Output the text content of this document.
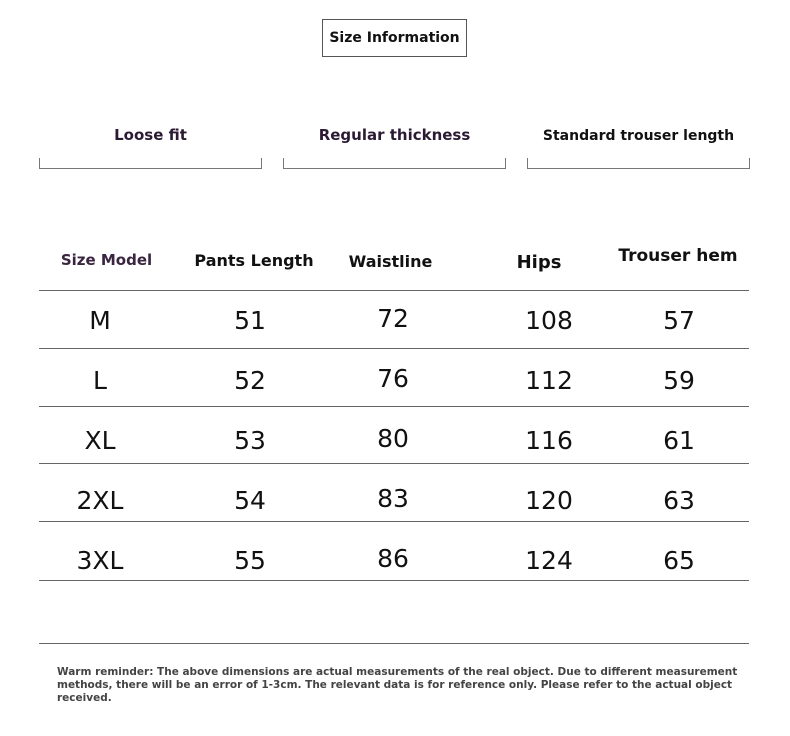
Size Information
Loose fit	Regular thickness	Standard trouser length
Size Model	Pants Length	Waistline	Hips	Trouser hem
M	51	72	108	57
L	52	76	112	59
XL	53	80	116	61
2XL	54	83	120	63
3XL	55	86	124	65
Warm reminder: The above dimensions are actual measurements of the real object. Due to different measurement methods, there will be an error of 1-3cm. The relevant data is for reference only. Please refer to the actual object received.
